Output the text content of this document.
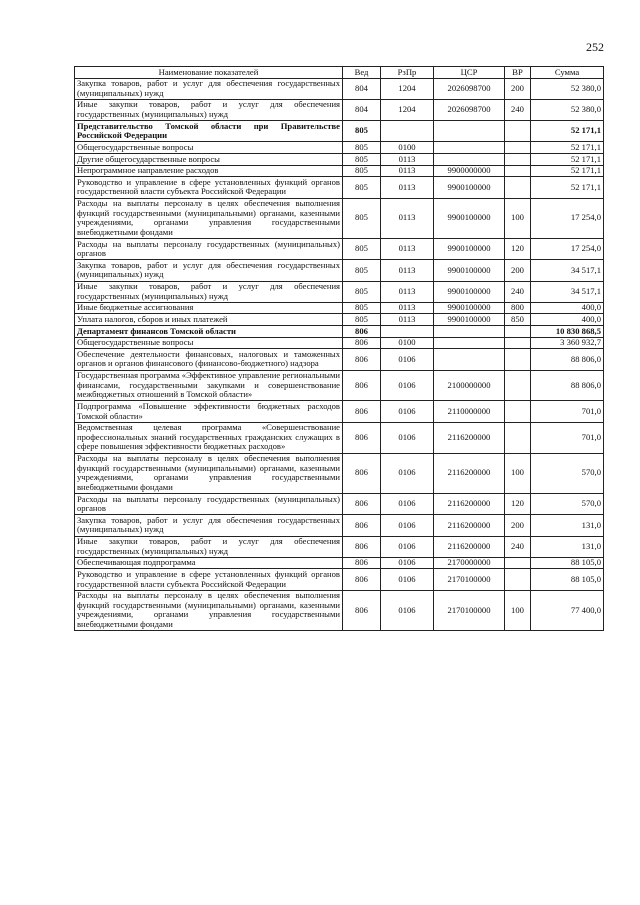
252
Наименование показателей	Вед	РзПр	ЦСР	ВР	Сумма
Закупка товаров, работ и услуг для обеспечения государственных (муниципальных) нужд	804	1204	2026098700	200	52 380,0
Иные закупки товаров, работ и услуг для обеспечения государственных (муниципальных) нужд	804	1204	2026098700	240	52 380,0
Представительство Томской области при Правительстве Российской Федерации	805				52 171,1
Общегосударственные вопросы	805	0100			52 171,1
Другие общегосударственные вопросы	805	0113			52 171,1
Непрограммное направление расходов	805	0113	9900000000		52 171,1
Руководство и управление в сфере установленных функций органов государственной власти субъекта Российской Федерации	805	0113	9900100000		52 171,1
Расходы на выплаты персоналу в целях обеспечения выполнения функций государственными (муниципальными) органами, казенными учреждениями, органами управления государственными внебюджетными фондами	805	0113	9900100000	100	17 254,0
Расходы на выплаты персоналу государственных (муниципальных) органов	805	0113	9900100000	120	17 254,0
Закупка товаров, работ и услуг для обеспечения государственных (муниципальных) нужд	805	0113	9900100000	200	34 517,1
Иные закупки товаров, работ и услуг для обеспечения государственных (муниципальных) нужд	805	0113	9900100000	240	34 517,1
Иные бюджетные ассигнования	805	0113	9900100000	800	400,0
Уплата налогов, сборов и иных платежей	805	0113	9900100000	850	400,0
Департамент финансов Томской области	806				10 830 868,5
Общегосударственные вопросы	806	0100			3 360 932,7
Обеспечение деятельности финансовых, налоговых и таможенных органов и органов финансового (финансово-бюджетного) надзора	806	0106			88 806,0
Государственная программа «Эффективное управление региональными финансами, государственными закупками и совершенствование межбюджетных отношений в Томской области»	806	0106	2100000000		88 806,0
Подпрограмма «Повышение эффективности бюджетных расходов Томской области»	806	0106	2110000000		701,0
Ведомственная целевая программа «Совершенствование профессиональных знаний государственных гражданских служащих в сфере повышения эффективности бюджетных расходов»	806	0106	2116200000		701,0
Расходы на выплаты персоналу в целях обеспечения выполнения функций государственными (муниципальными) органами, казенными учреждениями, органами управления государственными внебюджетными фондами	806	0106	2116200000	100	570,0
Расходы на выплаты персоналу государственных (муниципальных) органов	806	0106	2116200000	120	570,0
Закупка товаров, работ и услуг для обеспечения государственных (муниципальных) нужд	806	0106	2116200000	200	131,0
Иные закупки товаров, работ и услуг для обеспечения государственных (муниципальных) нужд	806	0106	2116200000	240	131,0
Обеспечивающая подпрограмма	806	0106	2170000000		88 105,0
Руководство и управление в сфере установленных функций органов государственной власти субъекта Российской Федерации	806	0106	2170100000		88 105,0
Расходы на выплаты персоналу в целях обеспечения выполнения функций государственными (муниципальными) органами, казенными учреждениями, органами управления государственными внебюджетными фондами	806	0106	2170100000	100	77 400,0
